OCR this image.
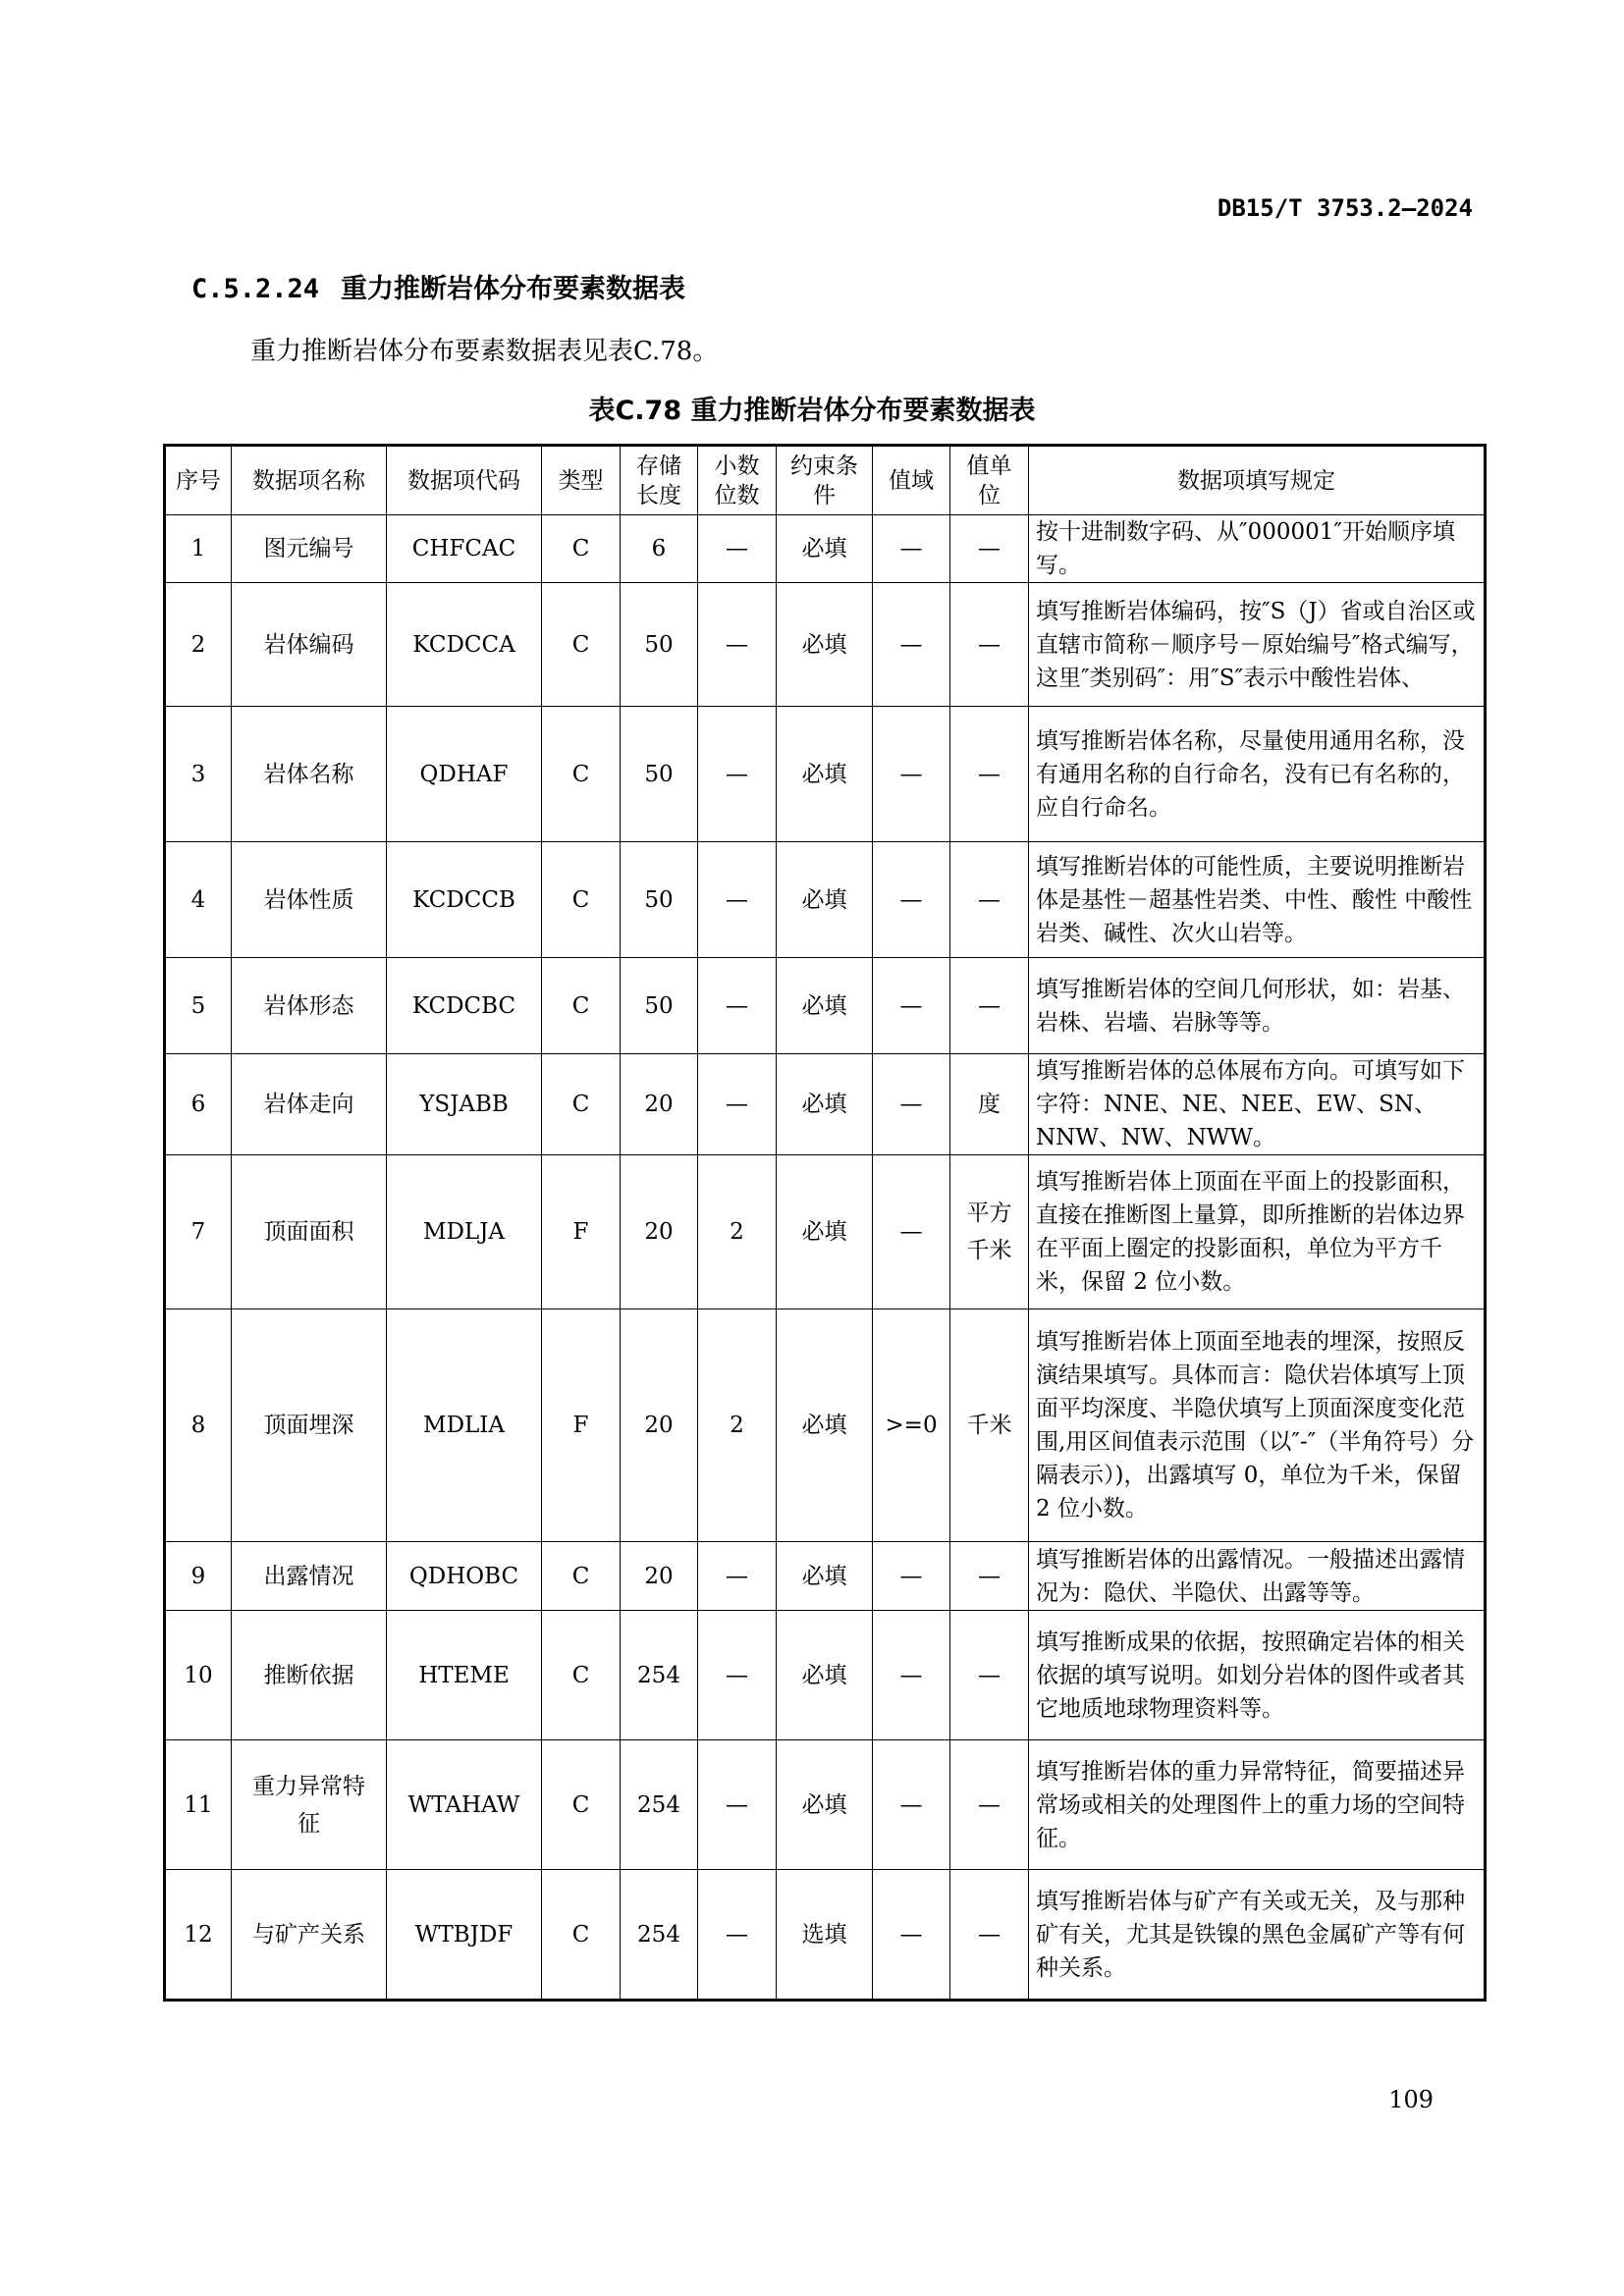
DB15/T 3753.2—2024
C.5.2.24 重力推断岩体分布要素数据表
重力推断岩体分布要素数据表见表C.78。
表C.78 重力推断岩体分布要素数据表
序号	数据项名称	数据项代码	类型	存储长度	小数位数	约束条件	值域	值单位	数据项填写规定
1	图元编号	CHFCAC	C	6	—	必填	—	—	按十进制数字码、从″000001″开始顺序填写。
2	岩体编码	KCDCCA	C	50	—	必填	—	—	填写推断岩体编码，按″S（J）省或自治区或直辖市简称－顺序号－原始编号″格式编写，这里″类别码″：用″S″表示中酸性岩体、
3	岩体名称	QDHAF	C	50	—	必填	—	—	填写推断岩体名称，尽量使用通用名称，没有通用名称的自行命名，没有已有名称的，应自行命名。
4	岩体性质	KCDCCB	C	50	—	必填	—	—	填写推断岩体的可能性质，主要说明推断岩体是基性－超基性岩类、中性、酸性 中酸性岩类、碱性、次火山岩等。
5	岩体形态	KCDCBC	C	50	—	必填	—	—	填写推断岩体的空间几何形状，如：岩基、岩株、岩墙、岩脉等等。
6	岩体走向	YSJABB	C	20	—	必填	—	度	填写推断岩体的总体展布方向。可填写如下字符：NNE、NE、NEE、EW、SN、NNW、NW、NWW。
7	顶面面积	MDLJA	F	20	2	必填	—	平方千米	填写推断岩体上顶面在平面上的投影面积，直接在推断图上量算，即所推断的岩体边界在平面上圈定的投影面积，单位为平方千米，保留 2 位小数。
8	顶面埋深	MDLIA	F	20	2	必填	>=0	千米	填写推断岩体上顶面至地表的埋深，按照反演结果填写。具体而言：隐伏岩体填写上顶面平均深度、半隐伏填写上顶面深度变化范围,用区间值表示范围（以″-″（半角符号）分隔表示）)，出露填写 0，单位为千米，保留 2 位小数。
9	出露情况	QDHOBC	C	20	—	必填	—	—	填写推断岩体的出露情况。一般描述出露情况为：隐伏、半隐伏、出露等等。
10	推断依据	HTEME	C	254	—	必填	—	—	填写推断成果的依据，按照确定岩体的相关依据的填写说明。如划分岩体的图件或者其它地质地球物理资料等。
11	重力异常特征	WTAHAW	C	254	—	必填	—	—	填写推断岩体的重力异常特征，简要描述异常场或相关的处理图件上的重力场的空间特征。
12	与矿产关系	WTBJDF	C	254	—	选填	—	—	填写推断岩体与矿产有关或无关，及与那种矿有关，尤其是铁镍的黑色金属矿产等有何种关系。
109
